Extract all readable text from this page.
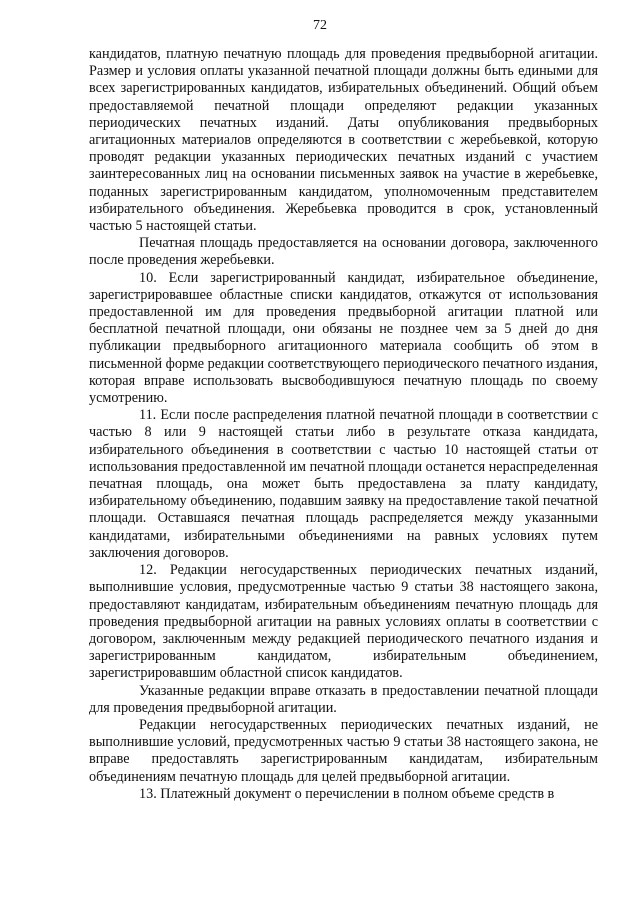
72

кандидатов, платную печатную площадь для проведения предвыборной агитации. Размер и условия оплаты указанной печатной площади должны быть едиными для всех зарегистрированных кандидатов, избирательных объединений. Общий объем предоставляемой печатной площади определяют редакции указанных периодических печатных изданий. Даты опубликования предвыборных агитационных материалов определяются в соответствии с жеребьевкой, которую проводят редакции указанных периодических печатных изданий с участием заинтересованных лиц на основании письменных заявок на участие в жеребьевке, поданных зарегистрированным кандидатом, уполномоченным представителем избирательного объединения. Жеребьевка проводится в срок, установленный частью 5 настоящей статьи.

Печатная площадь предоставляется на основании договора, заключенного после проведения жеребьевки.

10. Если зарегистрированный кандидат, избирательное объединение, зарегистрировавшее областные списки кандидатов, откажутся от использования предоставленной им для проведения предвыборной агитации платной или бесплатной печатной площади, они обязаны не позднее чем за 5 дней до дня публикации предвыборного агитационного материала сообщить об этом в письменной форме редакции соответствующего периодического печатного издания, которая вправе использовать высвободившуюся печатную площадь по своему усмотрению.

11. Если после распределения платной печатной площади в соответствии с частью 8 или 9 настоящей статьи либо в результате отказа кандидата, избирательного объединения в соответствии с частью 10 настоящей статьи от использования предоставленной им печатной площади останется нераспределенная печатная площадь, она может быть предоставлена за плату кандидату, избирательному объединению, подавшим заявку на предоставление такой печатной площади. Оставшаяся печатная площадь распределяется между указанными кандидатами, избирательными объединениями на равных условиях путем заключения договоров.

12. Редакции негосударственных периодических печатных изданий, выполнившие условия, предусмотренные частью 9 статьи 38 настоящего закона, предоставляют кандидатам, избирательным объединениям печатную площадь для проведения предвыборной агитации на равных условиях оплаты в соответствии с договором, заключенным между редакцией периодического печатного издания и зарегистрированным кандидатом, избирательным объединением, зарегистрировавшим областной список кандидатов.

Указанные редакции вправе отказать в предоставлении печатной площади для проведения предвыборной агитации.

Редакции негосударственных периодических печатных изданий, не выполнившие условий, предусмотренных частью 9 статьи 38 настоящего закона, не вправе предоставлять зарегистрированным кандидатам, избирательным объединениям печатную площадь для целей предвыборной агитации.

13. Платежный документ о перечислении в полном объеме средств в
